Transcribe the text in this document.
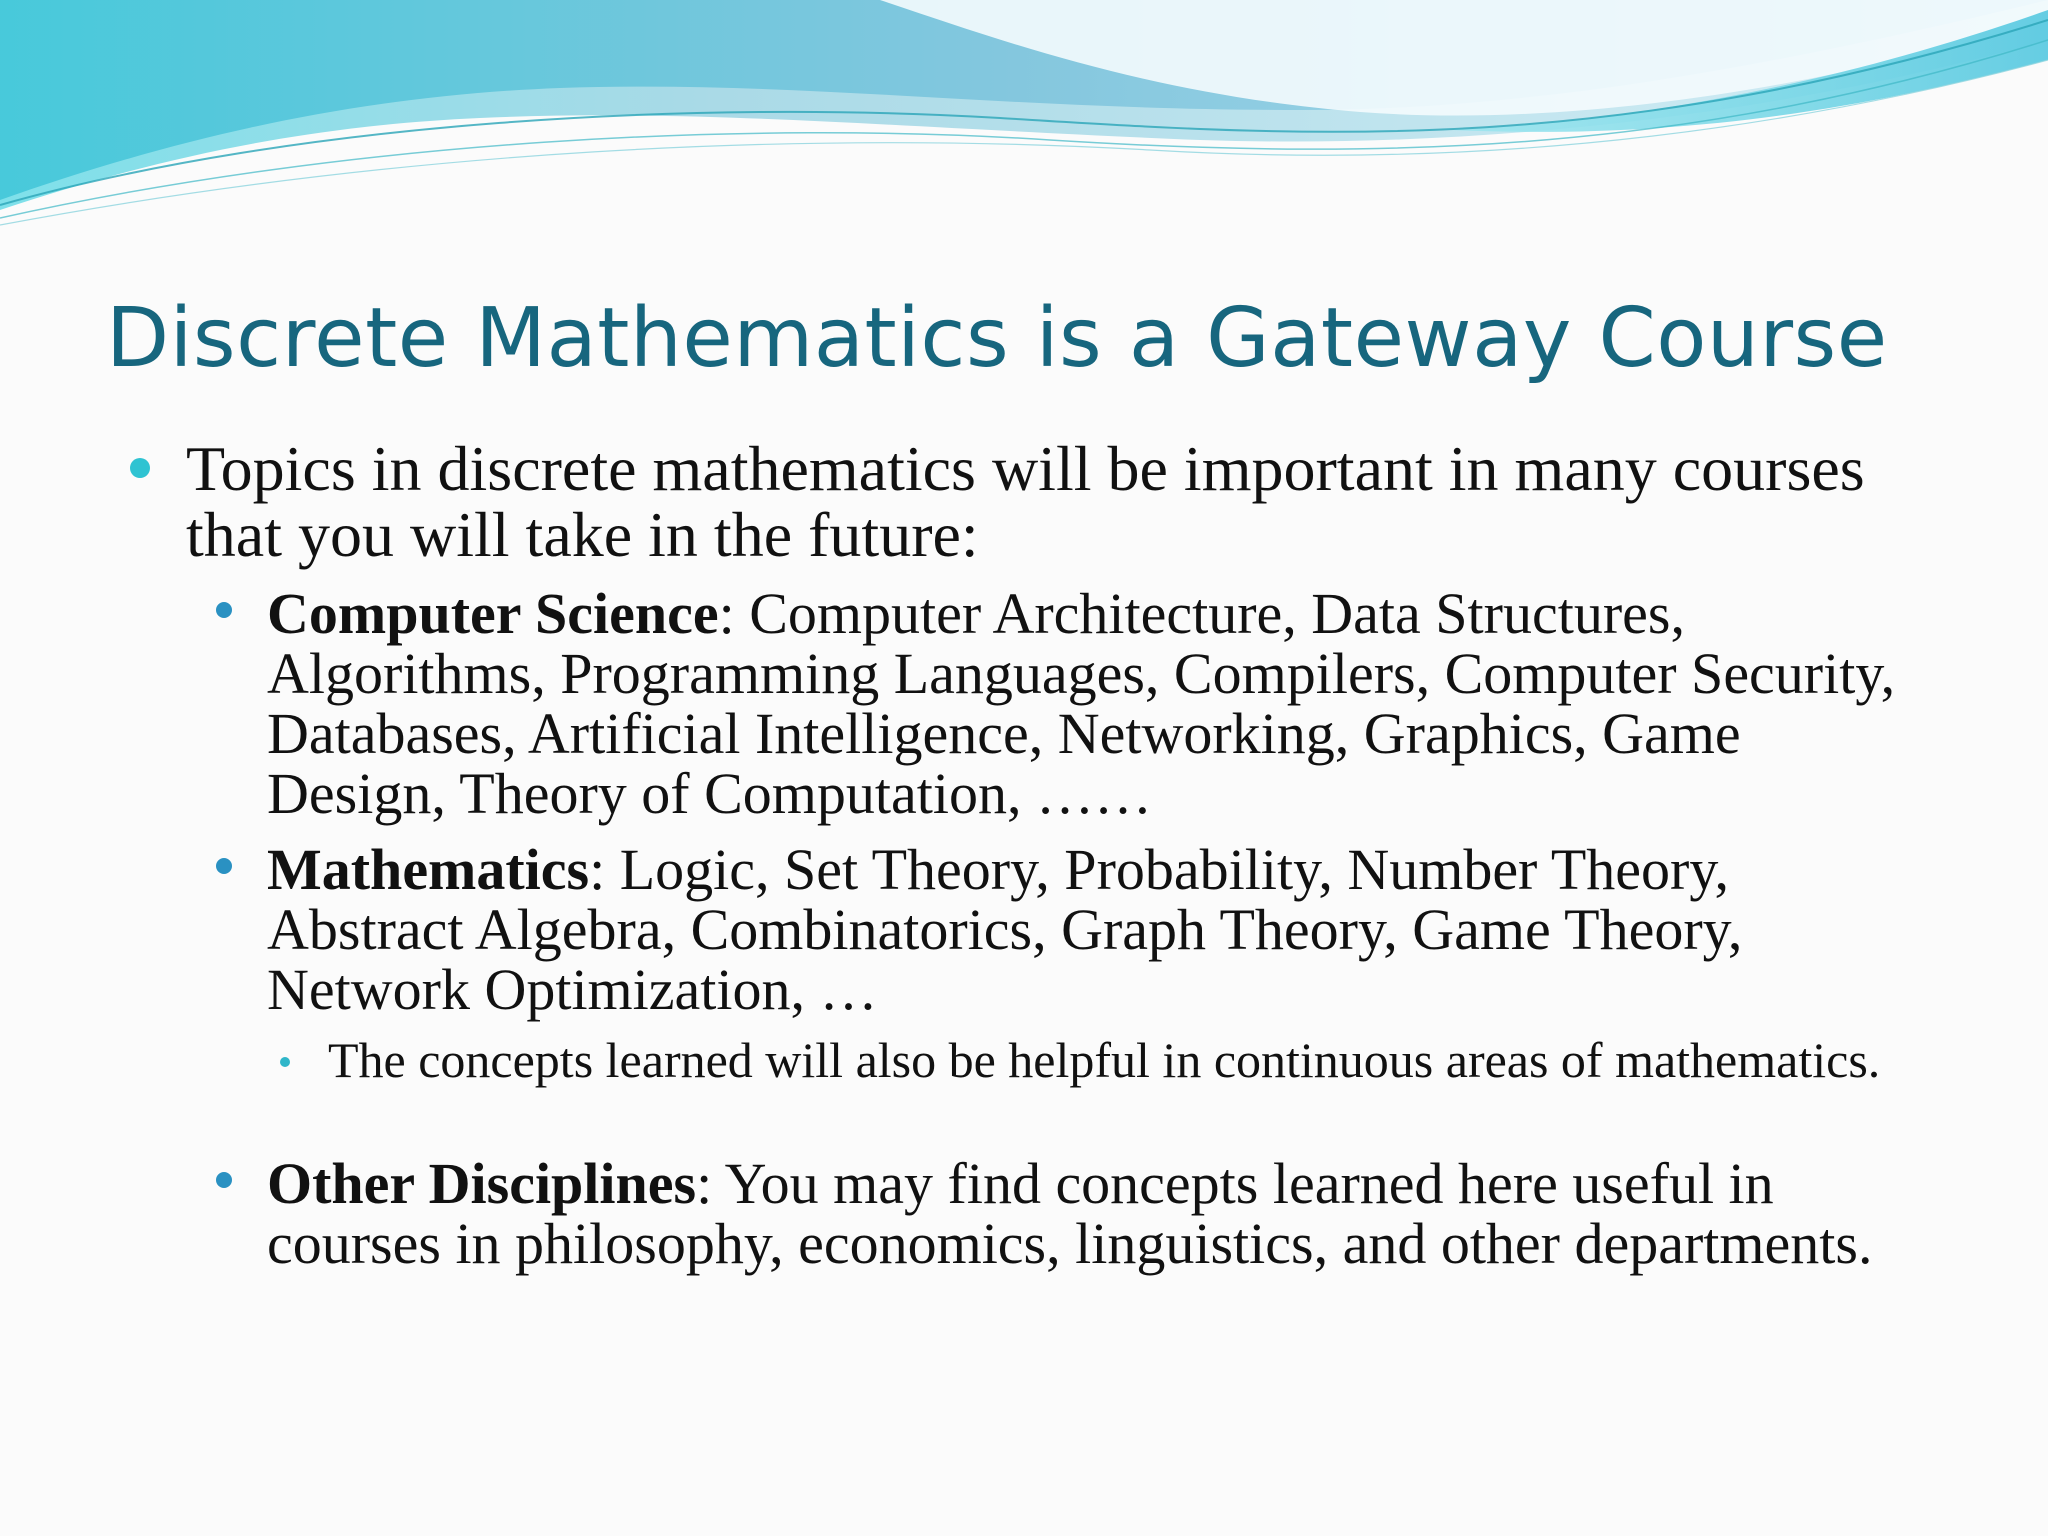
Discrete Mathematics is a Gateway Course
Topics in discrete mathematics will be important in many courses that you will take in the future:
Computer Science: Computer Architecture, Data Structures, Algorithms, Programming Languages, Compilers, Computer Security, Databases, Artificial Intelligence, Networking, Graphics, Game Design, Theory of Computation, ……
Mathematics: Logic, Set Theory, Probability, Number Theory, Abstract Algebra, Combinatorics, Graph Theory, Game Theory, Network Optimization, …
The concepts learned will also be helpful in continuous areas of mathematics.
Other Disciplines: You may find concepts learned here useful in courses in philosophy, economics, linguistics, and other departments.
